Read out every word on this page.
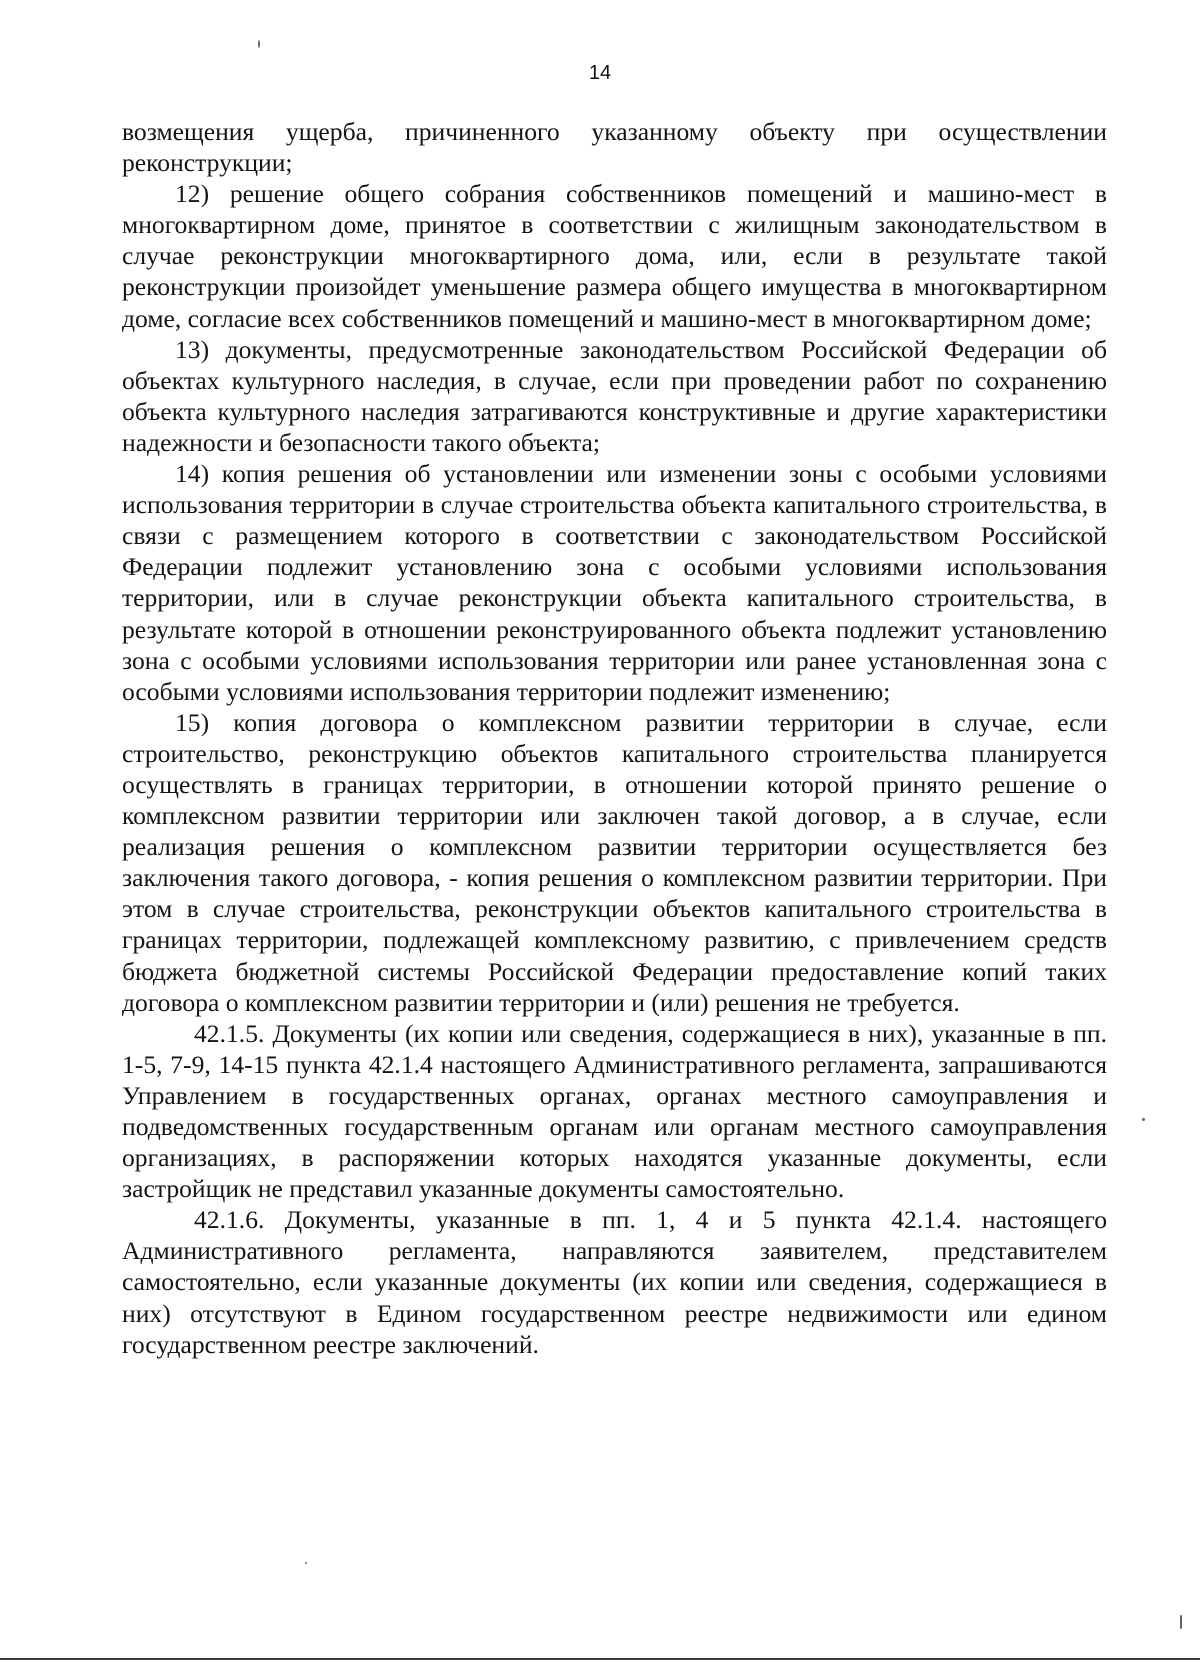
14

возмещения ущерба, причиненного указанному объекту при осуществлении реконструкции;

12) решение общего собрания собственников помещений и машино-мест в многоквартирном доме, принятое в соответствии с жилищным законодательством в случае реконструкции многоквартирного дома, или, если в результате такой реконструкции произойдет уменьшение размера общего имущества в многоквартирном доме, согласие всех собственников помещений и машино-мест в многоквартирном доме;

13) документы, предусмотренные законодательством Российской Федерации об объектах культурного наследия, в случае, если при проведении работ по сохранению объекта культурного наследия затрагиваются конструктивные и другие характеристики надежности и безопасности такого объекта;

14) копия решения об установлении или изменении зоны с особыми условиями использования территории в случае строительства объекта капитального строительства, в связи с размещением которого в соответствии с законодательством Российской Федерации подлежит установлению зона с особыми условиями использования территории, или в случае реконструкции объекта капитального строительства, в результате которой в отношении реконструированного объекта подлежит установлению зона с особыми условиями использования территории или ранее установленная зона с особыми условиями использования территории подлежит изменению;

15) копия договора о комплексном развитии территории в случае, если строительство, реконструкцию объектов капитального строительства планируется осуществлять в границах территории, в отношении которой принято решение о комплексном развитии территории или заключен такой договор, а в случае, если реализация решения о комплексном развитии территории осуществляется без заключения такого договора, - копия решения о комплексном развитии территории. При этом в случае строительства, реконструкции объектов капитального строительства в границах территории, подлежащей комплексному развитию, с привлечением средств бюджета бюджетной системы Российской Федерации предоставление копий таких договора о комплексном развитии территории и (или) решения не требуется.

42.1.5. Документы (их копии или сведения, содержащиеся в них), указанные в пп. 1-5, 7-9, 14-15 пункта 42.1.4 настоящего Административного регламента, запрашиваются Управлением в государственных органах, органах местного самоуправления и подведомственных государственным органам или органам местного самоуправления организациях, в распоряжении которых находятся указанные документы, если застройщик не представил указанные документы самостоятельно.

42.1.6. Документы, указанные в пп. 1, 4 и 5 пункта 42.1.4. настоящего Административного регламента, направляются заявителем, представителем самостоятельно, если указанные документы (их копии или сведения, содержащиеся в них) отсутствуют в Едином государственном реестре недвижимости или едином государственном реестре заключений.
